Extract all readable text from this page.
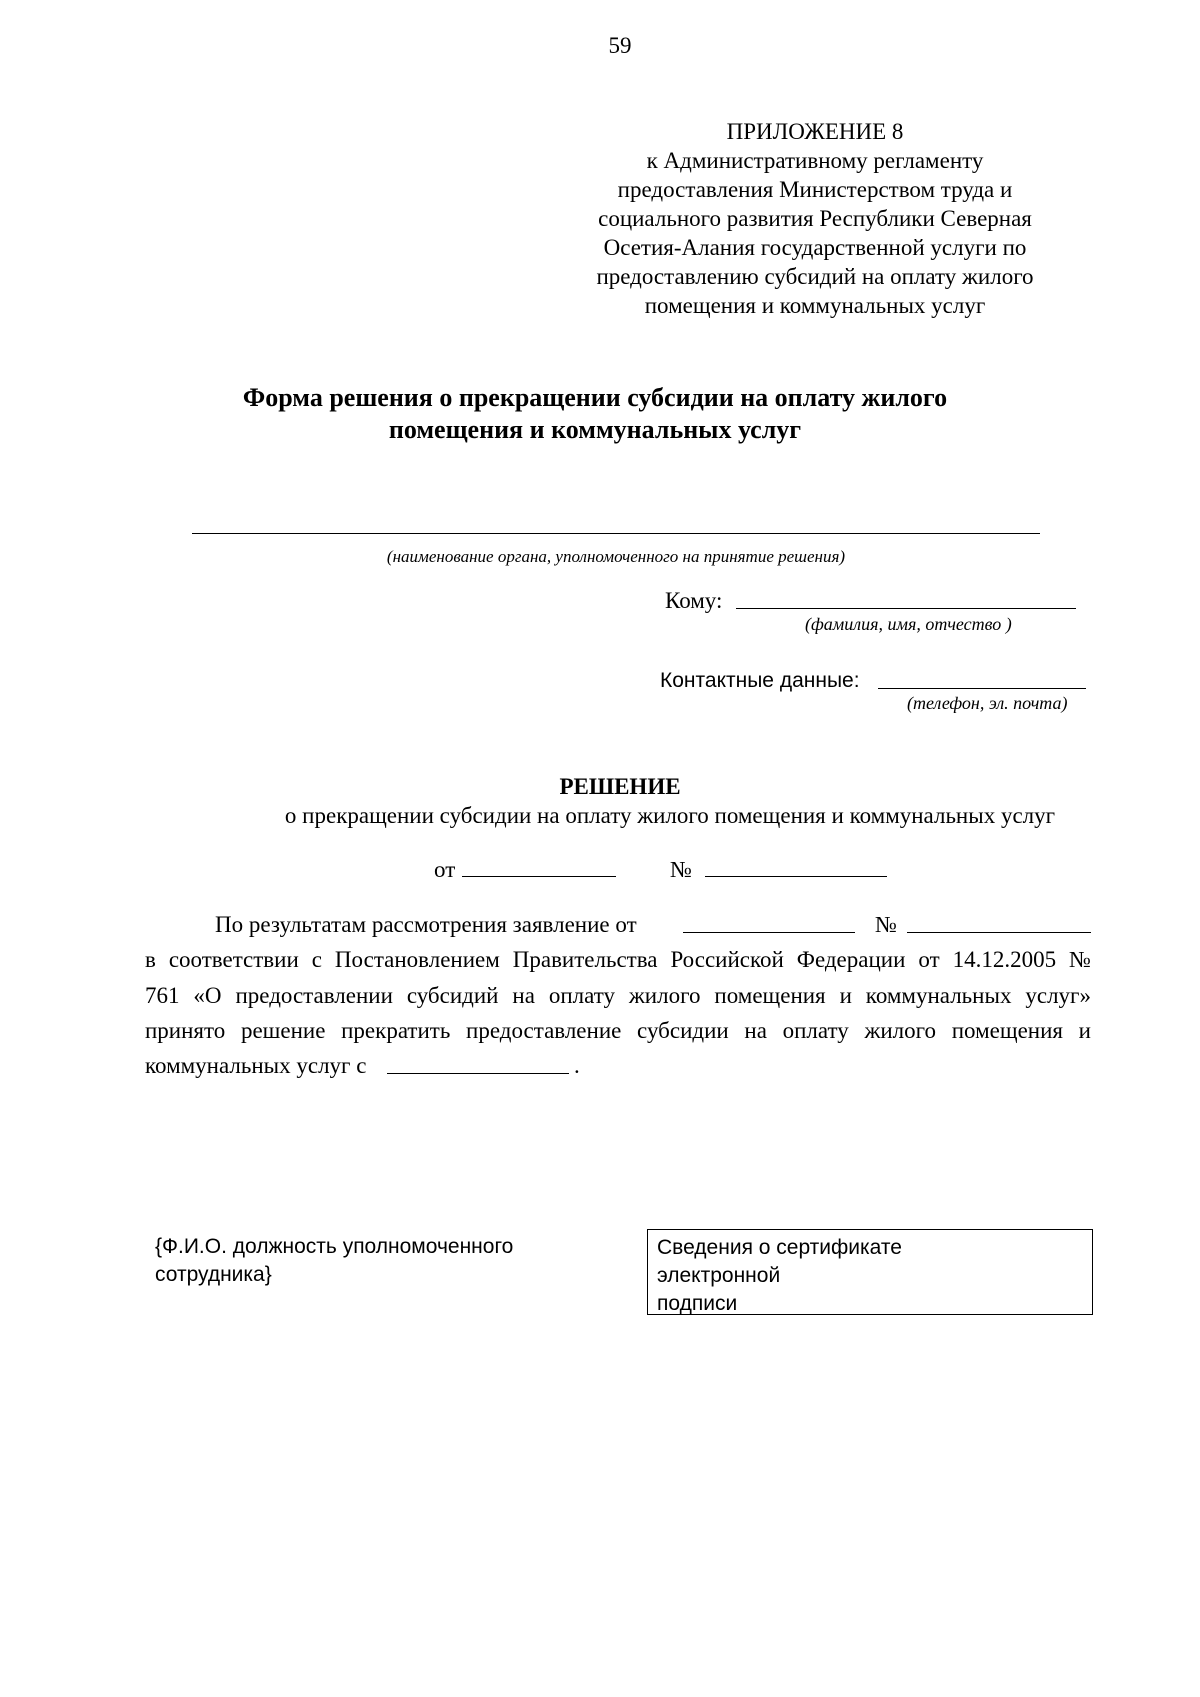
59
ПРИЛОЖЕНИЕ 8
к Административному регламенту
предоставления Министерством труда и
социального развития Республики Северная
Осетия-Алания государственной услуги по
предоставлению субсидий на оплату жилого
помещения и коммунальных услуг
Форма решения о прекращении субсидии на оплату жилого
помещения и коммунальных услуг
(наименование органа, уполномоченного на принятие решения)
Кому:
(фамилия, имя, отчество )
Контактные данные:
(телефон, эл. почта)
РЕШЕНИЕ
о прекращении субсидии на оплату жилого помещения и коммунальных услуг
от	№
По результатам рассмотрения заявление от	№
в соответствии с Постановлением Правительства Российской Федерации от 14.12.2005 №
761 «О предоставлении субсидий на оплату жилого помещения и коммунальных услуг»
принято решение прекратить предоставление субсидии на оплату жилого помещения и
коммунальных услуг с	.
{Ф.И.О. должность уполномоченного
сотрудника}
Сведения о сертификате
электронной
подписи
